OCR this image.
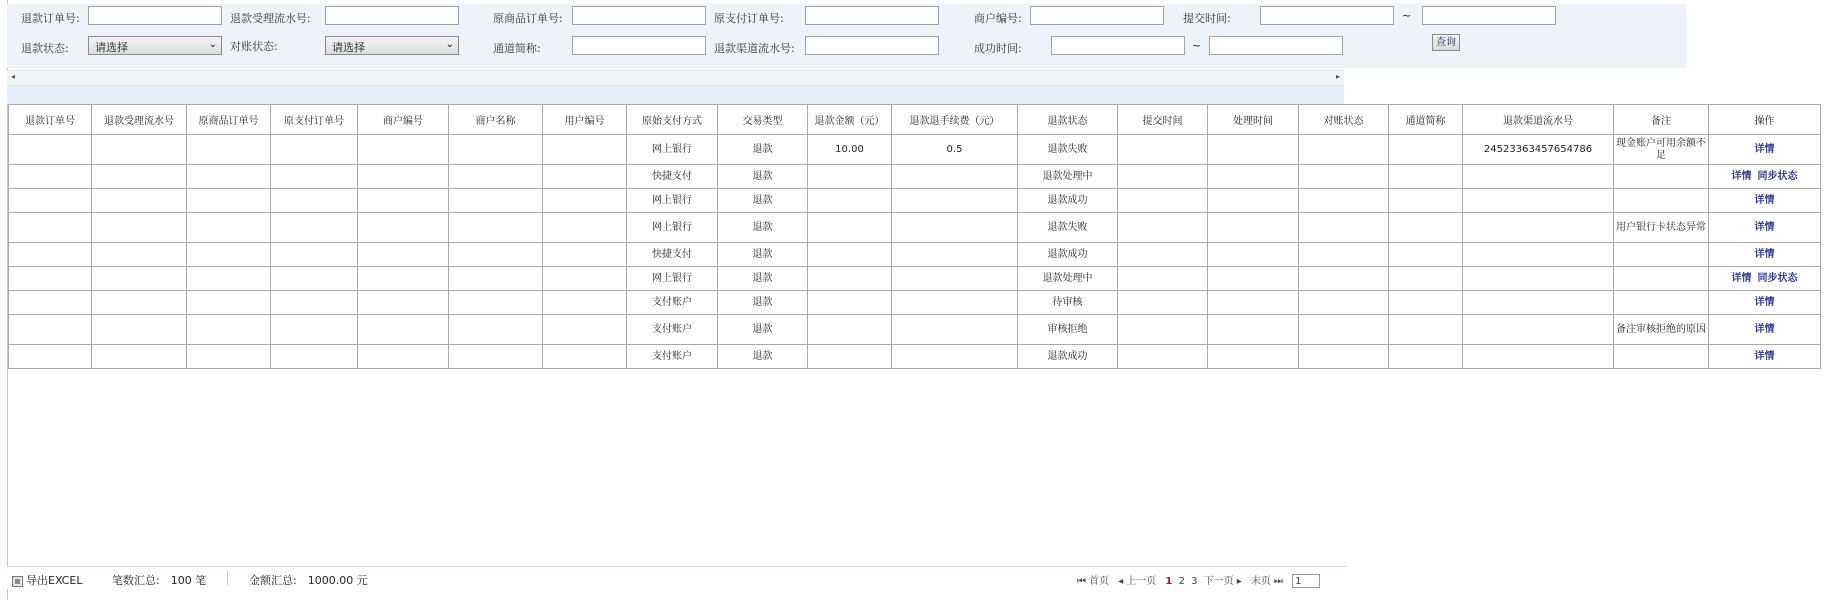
退款订单号:	退款受理流水号:	原商品订单号:	原支付订单号:	商户编号:	提交时间:	~
退款状态:	请选择	⌄ 对账状态:	请选择	⌄	通道简称:	退款渠道流水号:	成功时间:	~	查询
◂	▸
退款订单号	退款受理流水号	原商品订单号	原支付订单号	商户编号	商户名称	用户编号	原始支付方式	交易类型	退款金额（元）	退款退手续费（元）	退款状态	提交时间	处理时间	对账状态	通道简称	退款渠道流水号	备注	操作
							网上银行	退款	10.00	0.5	退款失败					24523363457654786	现金账户可用余额不足	详情
							快捷支付	退款			退款处理中							详情 同步状态
							网上银行	退款			退款成功							详情
							网上银行	退款			退款失败						用户银行卡状态异常	详情
							快捷支付	退款			退款成功							详情
							网上银行	退款			退款处理中							详情 同步状态
							支付账户	退款			待审核							详情
							支付账户	退款			审核拒绝						备注审核拒绝的原因	详情
							支付账户	退款			退款成功							详情
导出EXCEL	笔数汇总:　100 笔	金额汇总:　1000.00 元	⏮ 首页 ◂ 上一页 1 2 3 下一页 ▸ 末页 ⏭ 1
